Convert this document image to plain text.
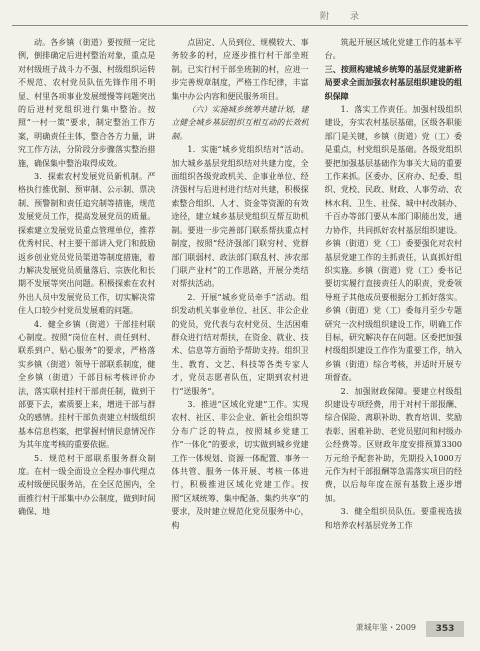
附　录

动。各乡镇（街道）要按照一定比例，倒排确定后进村整治对象，重点是对村级班子战斗力不强、村级组织运转不规范、农村党员队伍先锋作用不明显、村里各项事业发展缓慢等问题突出的后进村党组织进行集中整治。按照“一村一策”要求，制定整治工作方案，明确责任主体，整合各方力量，讲究工作方法，分阶段分步骤落实整治措施，确保集中整治取得成效。

3．探索农村发展党员新机制。严格执行推优制、预审制、公示制、票决制、预警制和责任追究制等措施，规范发展党员工作，提高发展党员的质量。探索建立发展党员重点管理单位，推荐优秀村民、村主要干部讲入党门和鼓励返乡创业党员党员渠道等制度措施，着力解决发展党员质量落后、宗族化和长期不发展等突出问题。积极探索在农村外出人员中发展党员工作，切实解决常住人口较少村党员发展难的问题。

4．健全乡镇（街道）干部挂村联心制度。按照“岗位在村、责任到村、联系到户、贴心服务”的要求，严格落实乡镇（街道）领导干部联系制度，健全乡镇（街道）干部目标考核评价办法，落实联村挂村干部责任制，做到干部要下去，素质要上来，增进干部与群众的感情。挂村干部负责建立村级组织基本信息档案，把掌握村情民意情况作为其年度考核的重要依据。

5．规范村干部联系服务群众制度。在村一级全面设立全程办事代理点或村级便民服务站，在全区范围内，全面推行村干部集中办公制度，做到时间确保、地

点固定、人员到位、规模较大、事务较多的村，应逐步推行村干部坐班制。已实行村干部坐班制的村，应进一步完善规章制度，严格工作纪律，丰富集中办公内容和便民服务项目。

（六）实施城乡统筹共建计划，建立健全城乡基层组织互相互动的长效机制。

1．实施“城乡党组织结对”活动。加大城乡基层党组织结对共建力度，全面组织各级党政机关、企事业单位、经济强村与后进村进行结对共建，积极探索整合组织、人才、资金等资源的有效途径，建立城乡基层党组织互帮互助机制。要进一步完善部门联系帮扶重点村制度，按照“经济强部门联穷村、党群部门联弱村、政法部门联乱村、涉农部门联产业村”的工作思路，开展分类结对帮扶活动。

2．开展“城乡党员牵手”活动。组织发动机关事业单位、社区、非公企业的党员，党代表与农村党员、生活困难群众进行结对帮扶，在资金、就业、技术、信息等方面给予帮助支持。组织卫生、教育、文艺、科技等各类专家人才，党员志愿者队伍，定期到农村进行“送服务”。

3．推进“区域化党建”工作。实现农村、社区、非公企业、新社会组织等分布广泛的特点，按照城乡党建工作“一体化”的要求，切实做到城乡党建工作一体规划、资源一体配置、事务一体共管、服务一体开展、考核一体进行，积极推进区域化党建工作。按照“区域统筹、集中配备、集约共享”的要求，及时建立规范化党员服务中心，构

筑起开展区域化党建工作的基本平台。

三、按照构建城乡统筹的基层党建新格局要求全面加强农村基层组织建设的组织保障

1．落实工作责任。加强村级组织建设，夯实农村基层基础，区级各职能部门是关键，乡镇（街道）党（工）委是重点，村党组织是基础。各级党组织要把加强基层基础作为事关大局的重要工作来抓。区委办、区府办、纪委、组织、党校、民政、财政、人事劳动、农林水利、卫生、社保、城中村改制办、千百办等部门要从本部门职能出发，通力协作，共同抓好农村基层组织建设。乡镇（街道）党（工）委要强化对农村基层党建工作的主抓责任，认真抓好组织实施。乡镇（街道）党（工）委书记要切实履行直接责任人的职责，党委领导班子其他成员要根据分工抓好落实。乡镇（街道）党（工）委每月至少专题研究一次村级组织建设工作，明确工作目标，研究解决存在问题。区委把加强村级组织建设工作作为重要工作，纳入乡镇（街道）综合考核，并适时开展专项督查。

2．加强财政保障。要建立村级组织建设专项经费，用于对村干部报酬、综合保险、离职补助、教育培训、奖励表彰、困难补助、老党员慰问和村级办公经费等。区财政年度安排预算3300万元给予配套补助，先期投入1000万元作为村干部报酬等急需落实项目的经费，以后每年度在原有基数上逐步增加。

3．健全组织员队伍。要重视选拔和培养农村基层党务工作

萧城年鉴・2009	353
